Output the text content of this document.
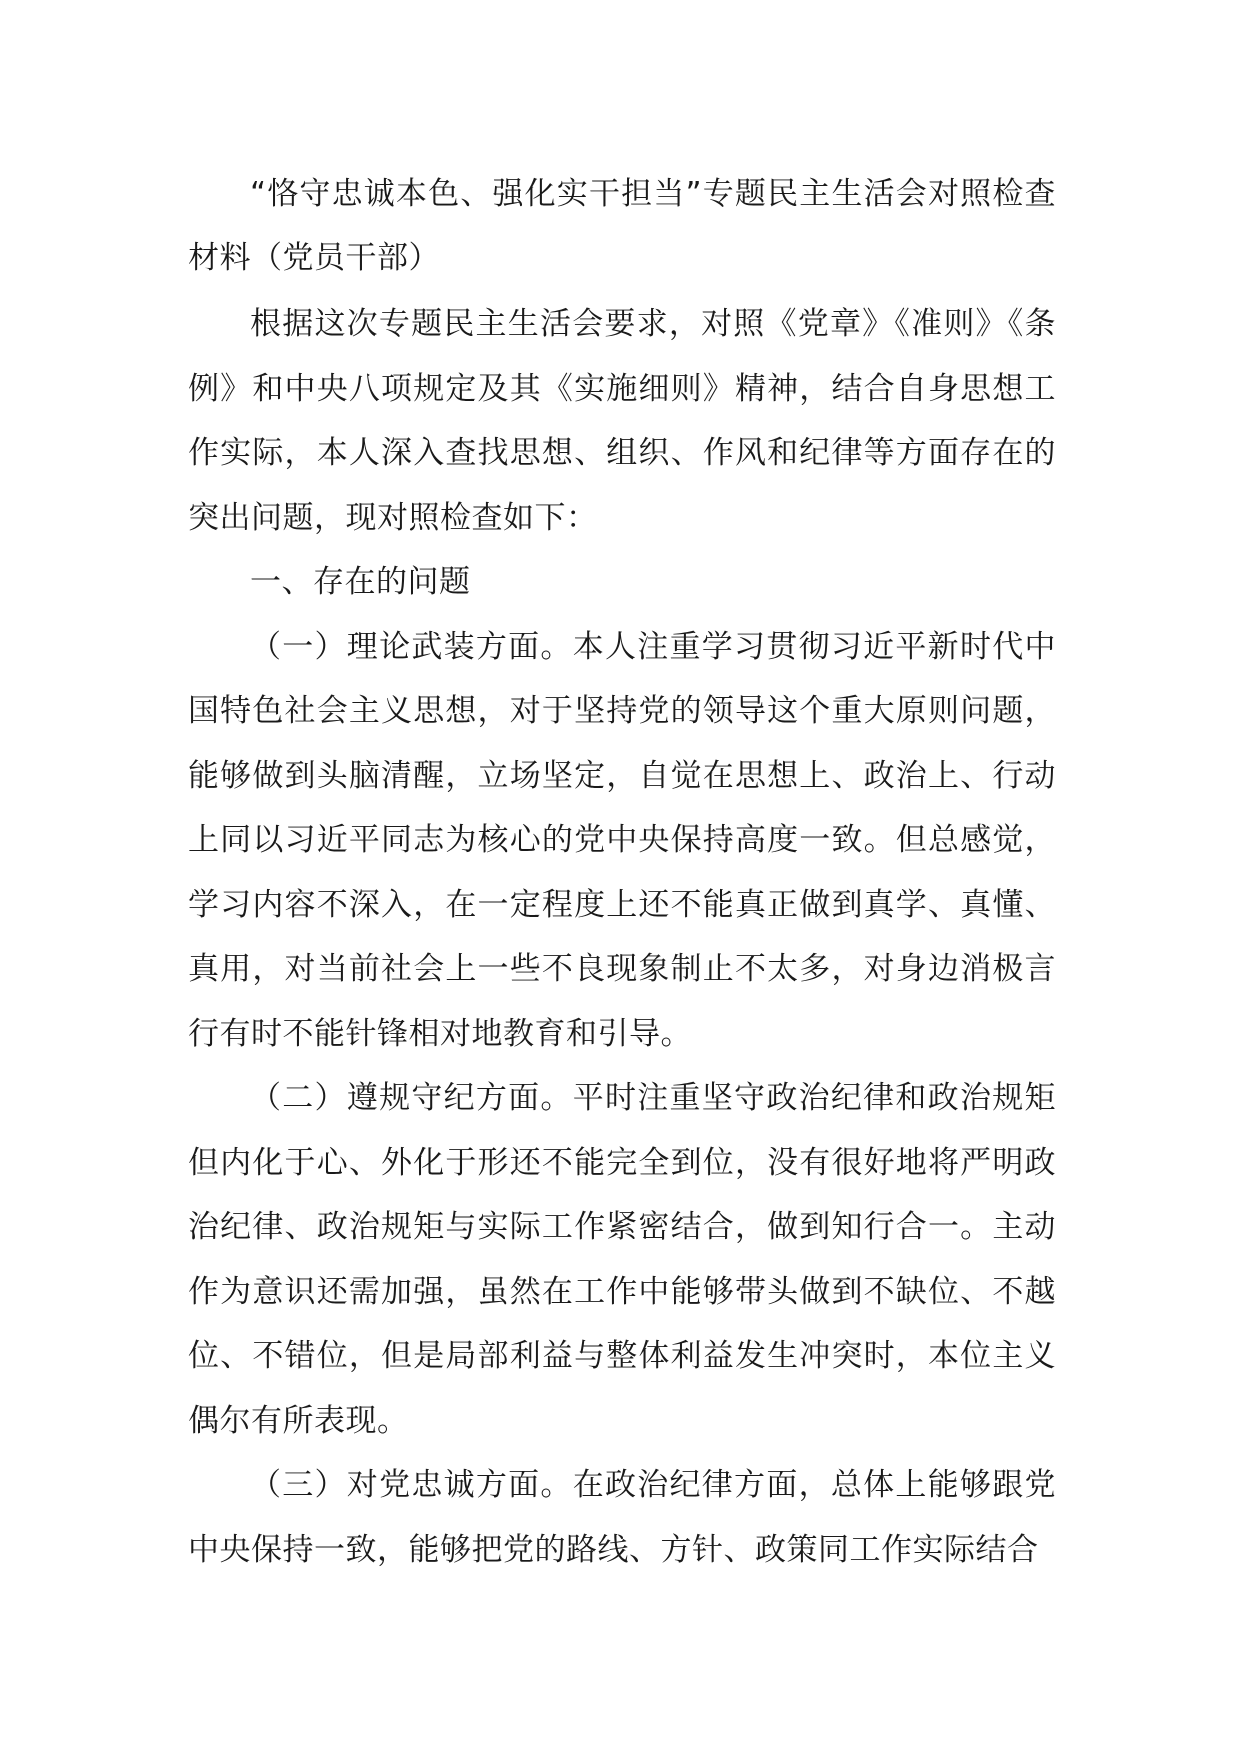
“恪守忠诚本色、强化实干担当”专题民主生活会对照检查材料（党员干部）

根据这次专题民主生活会要求，对照《党章》《准则》《条例》和中央八项规定及其《实施细则》精神，结合自身思想工作实际，本人深入查找思想、组织、作风和纪律等方面存在的突出问题，现对照检查如下：

一、存在的问题

（一）理论武装方面。本人注重学习贯彻习近平新时代中国特色社会主义思想，对于坚持党的领导这个重大原则问题，能够做到头脑清醒，立场坚定，自觉在思想上、政治上、行动上同以习近平同志为核心的党中央保持高度一致。但总感觉，学习内容不深入，在一定程度上还不能真正做到真学、真懂、真用，对当前社会上一些不良现象制止不太多，对身边消极言行有时不能针锋相对地教育和引导。

（二）遵规守纪方面。平时注重坚守政治纪律和政治规矩但内化于心、外化于形还不能完全到位，没有很好地将严明政治纪律、政治规矩与实际工作紧密结合，做到知行合一。主动作为意识还需加强，虽然在工作中能够带头做到不缺位、不越位、不错位，但是局部利益与整体利益发生冲突时，本位主义偶尔有所表现。

（三）对党忠诚方面。在政治纪律方面，总体上能够跟党中央保持一致，能够把党的路线、方针、政策同工作实际结合
